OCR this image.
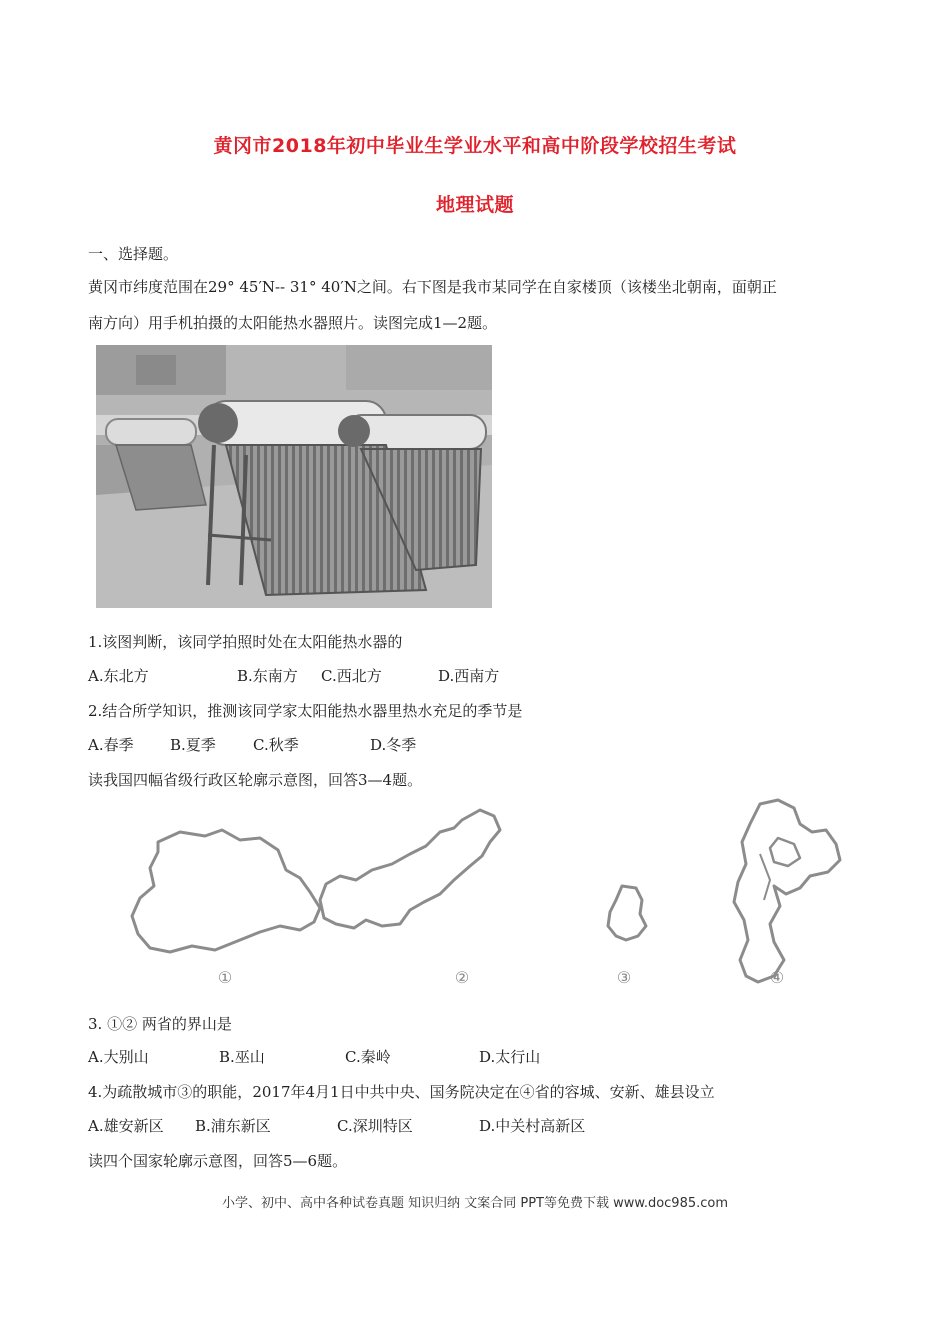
黄冈市2018年初中毕业生学业水平和高中阶段学校招生考试
地理试题
一、选择题。
黄冈市纬度范围在29° 45′N-- 31° 40′N之间。右下图是我市某同学在自家楼顶（该楼坐北朝南，面朝正
南方向）用手机拍摄的太阳能热水器照片。读图完成1—2题。
1.该图判断，该同学拍照时处在太阳能热水器的
A.东北方	B.东南方 C.西北方	D.西南方
2.结合所学知识，推测该同学家太阳能热水器里热水充足的季节是
A.春季 B.夏季 C.秋季	D.冬季
读我国四幅省级行政区轮廓示意图，回答3—4题。
①	②	③	④
3. ①② 两省的界山是
A.大别山	B.巫山	C.秦岭	D.太行山
4.为疏散城市③的职能，2017年4月1日中共中央、国务院决定在④省的容城、安新、雄县设立
A.雄安新区 B.浦东新区	C.深圳特区	D.中关村高新区
读四个国家轮廓示意图，回答5—6题。
小学、初中、高中各种试卷真题 知识归纳 文案合同 PPT等免费下载 www.doc985.com
